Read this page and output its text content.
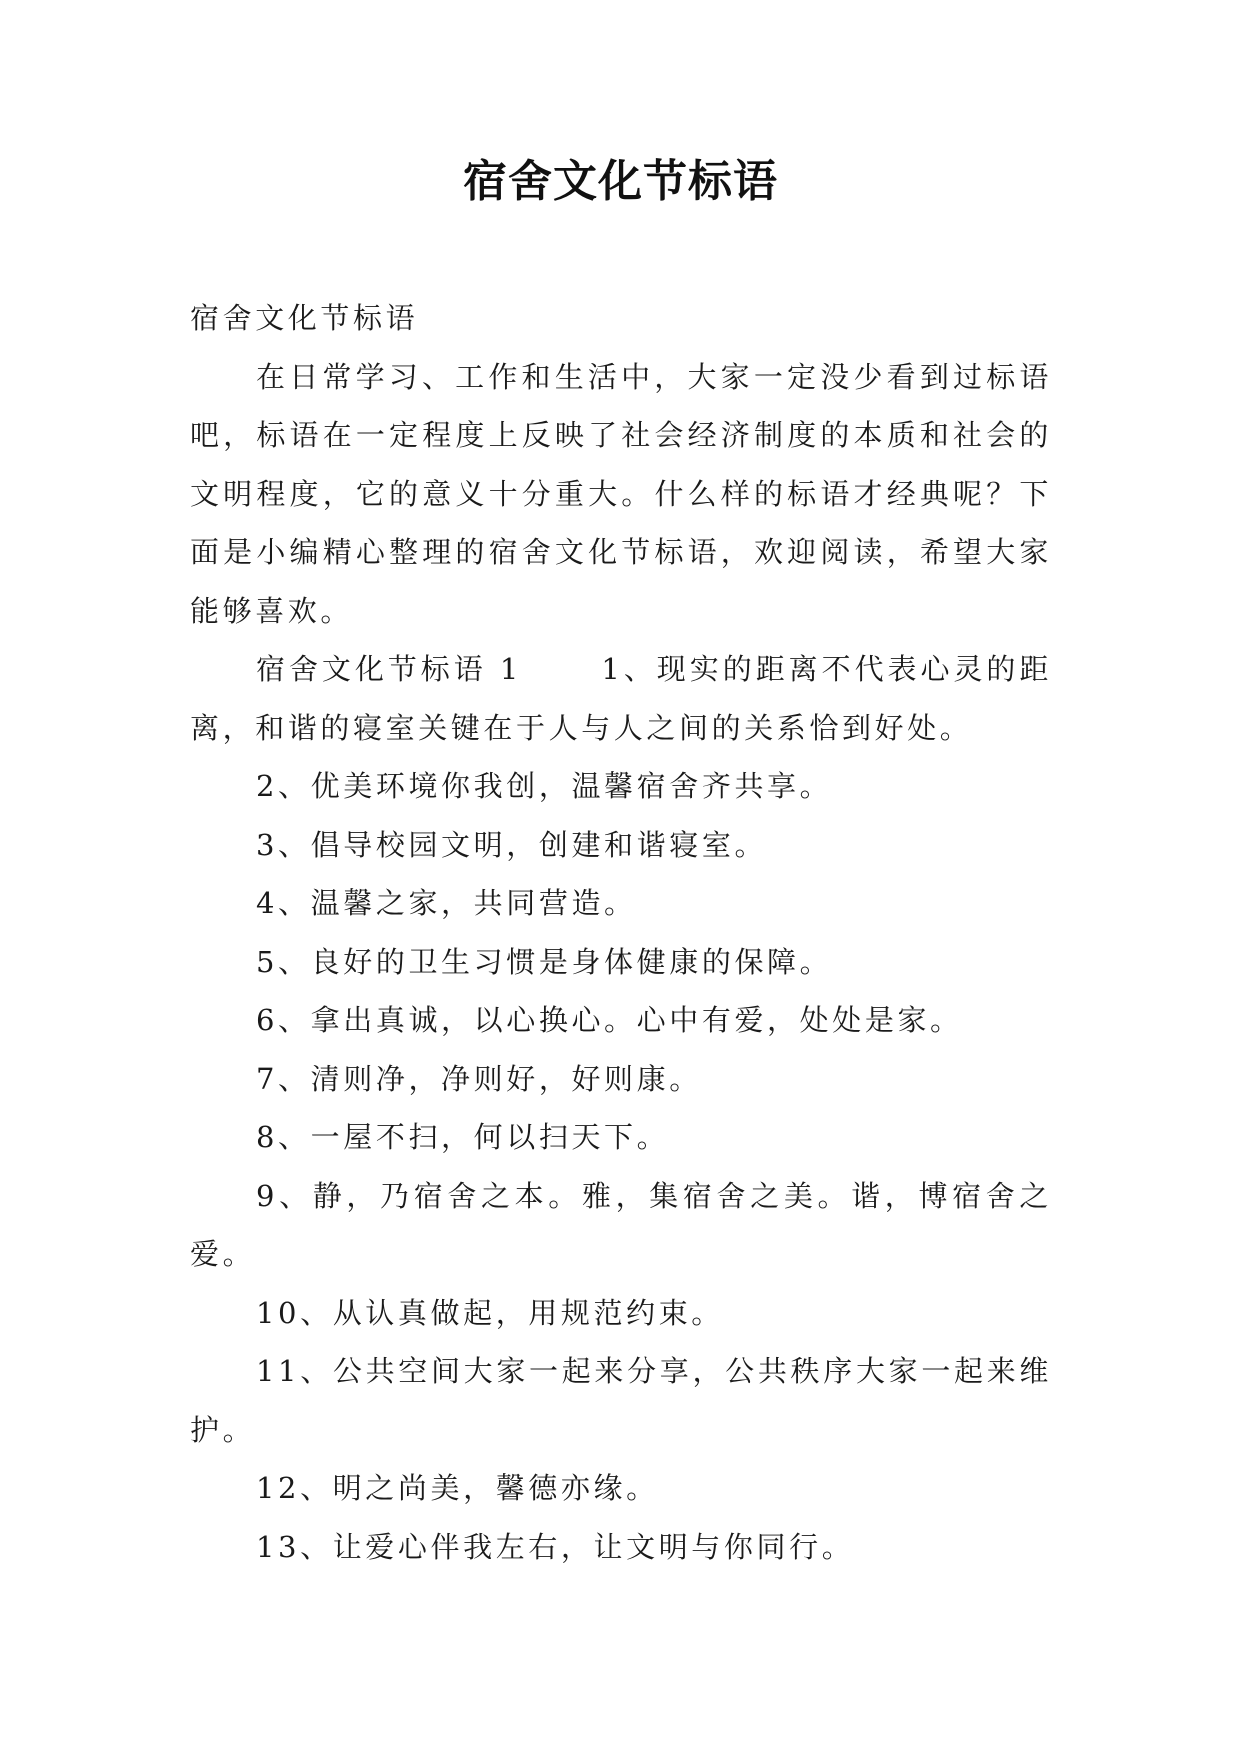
宿舍文化节标语

宿舍文化节标语

在日常学习、工作和生活中，大家一定没少看到过标语吧，标语在一定程度上反映了社会经济制度的本质和社会的文明程度，它的意义十分重大。什么样的标语才经典呢？下面是小编精心整理的宿舍文化节标语，欢迎阅读，希望大家能够喜欢。

宿舍文化节标语 1　　 1、现实的距离不代表心灵的距离，和谐的寝室关键在于人与人之间的关系恰到好处。

2、优美环境你我创，温馨宿舍齐共享。

3、倡导校园文明，创建和谐寝室。

4、温馨之家，共同营造。

5、良好的卫生习惯是身体健康的保障。

6、拿出真诚，以心换心。心中有爱，处处是家。

7、清则净，净则好，好则康。

8、一屋不扫，何以扫天下。

9、静，乃宿舍之本。雅，集宿舍之美。谐，博宿舍之爱。

10、从认真做起，用规范约束。

11、公共空间大家一起来分享，公共秩序大家一起来维护。

12、明之尚美，馨德亦缘。

13、让爱心伴我左右，让文明与你同行。
